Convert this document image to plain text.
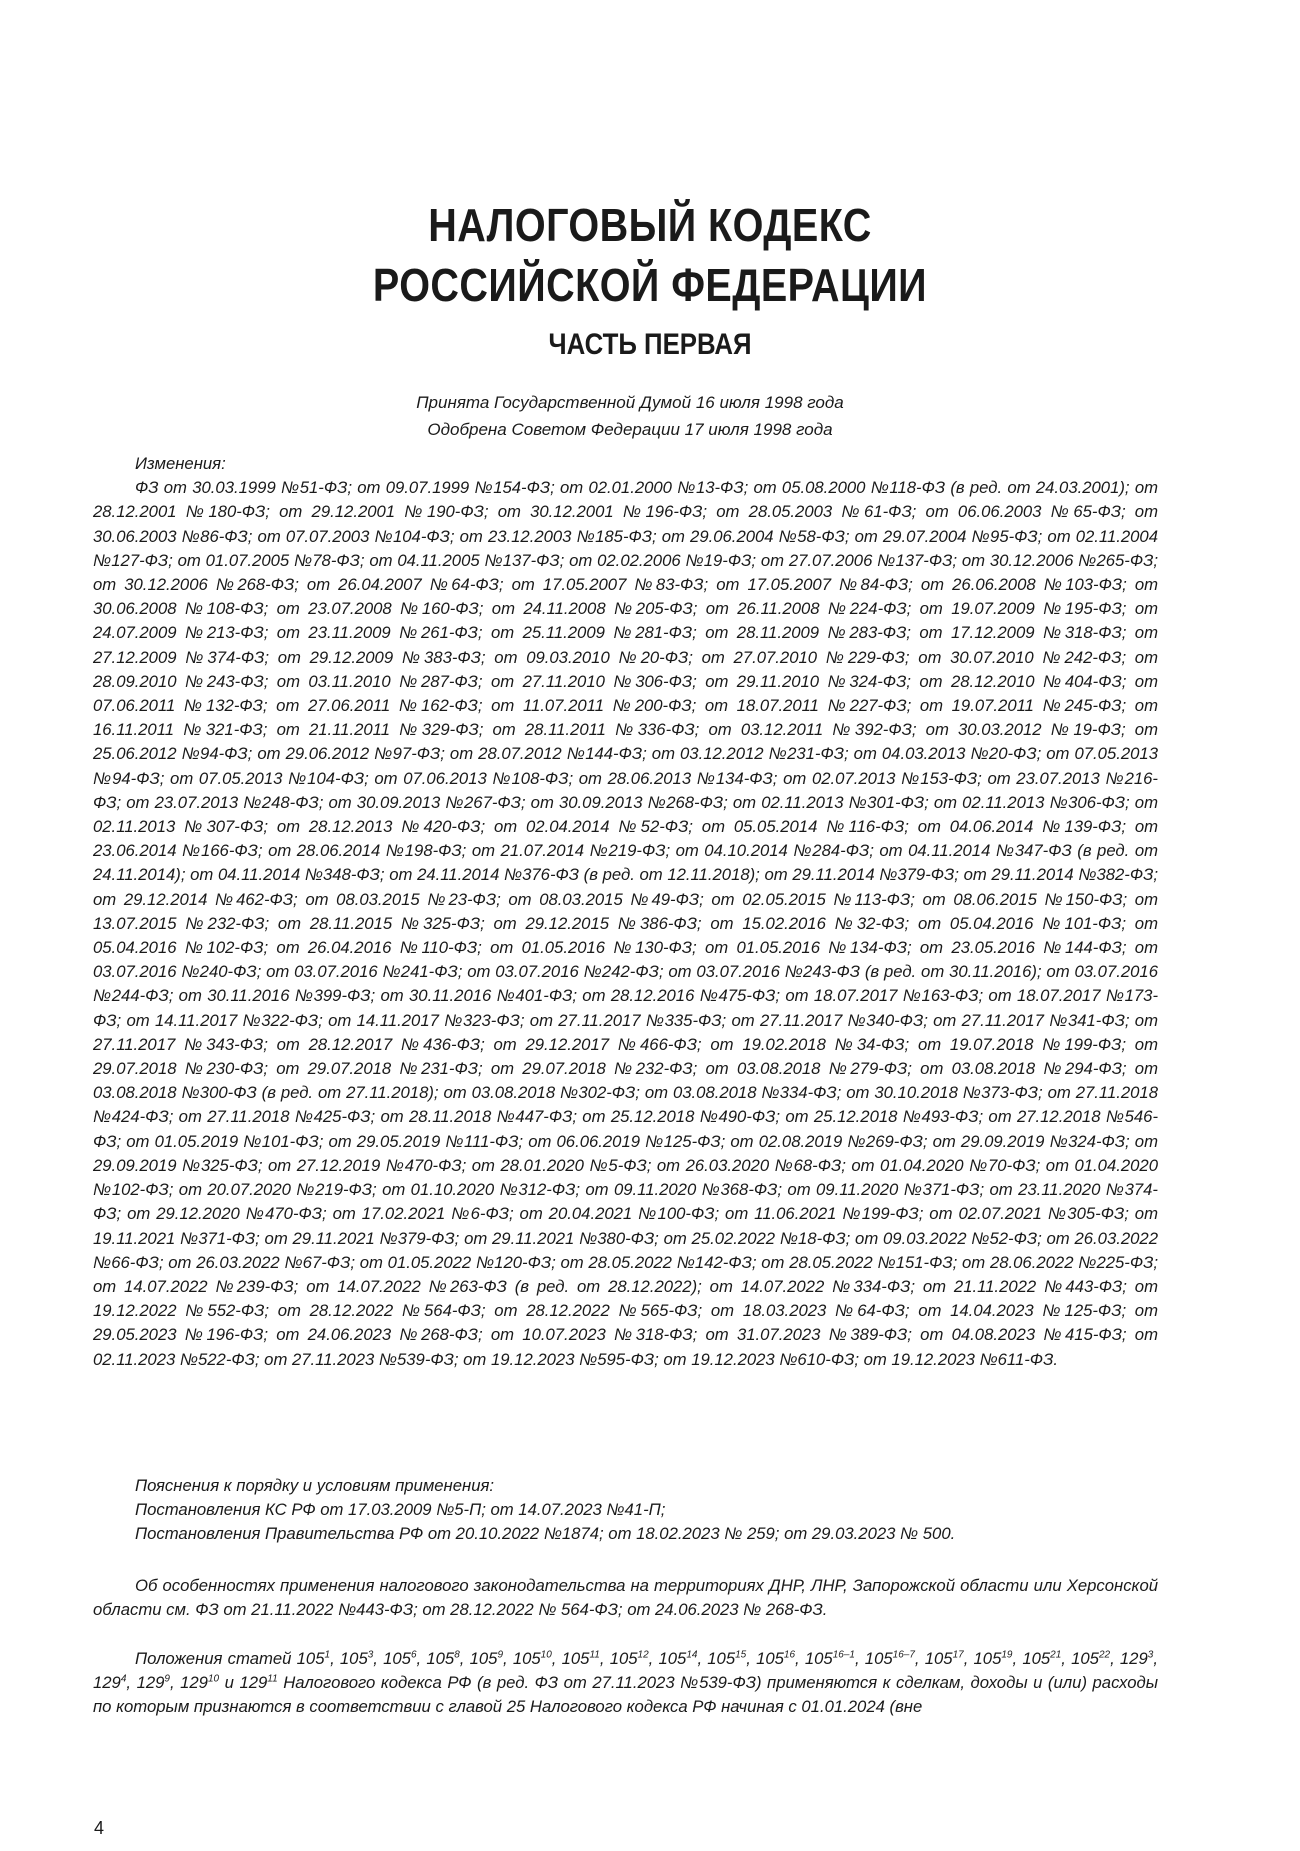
НАЛОГОВЫЙ КОДЕКС
РОССИЙСКОЙ ФЕДЕРАЦИИ
ЧАСТЬ ПЕРВАЯ
Принята Государственной Думой 16 июля 1998 года
Одобрена Советом Федерации 17 июля 1998 года
Изменения:
ФЗ от 30.03.1999 №51-ФЗ; от 09.07.1999 №154-ФЗ; от 02.01.2000 №13-ФЗ; от 05.08.2000 №118-ФЗ (в ред. от 24.03.2001); от 28.12.2001 №180-ФЗ; от 29.12.2001 №190-ФЗ; от 30.12.2001 №196-ФЗ; от 28.05.2003 №61-ФЗ; от 06.06.2003 №65-ФЗ; от 30.06.2003 №86-ФЗ; от 07.07.2003 №104-ФЗ; от 23.12.2003 №185-ФЗ; от 29.06.2004 №58-ФЗ; от 29.07.2004 №95-ФЗ; от 02.11.2004 №127-ФЗ; от 01.07.2005 №78-ФЗ; от 04.11.2005 №137-ФЗ; от 02.02.2006 №19-ФЗ; от 27.07.2006 №137-ФЗ; от 30.12.2006 №265-ФЗ; от 30.12.2006 №268-ФЗ; от 26.04.2007 №64-ФЗ; от 17.05.2007 №83-ФЗ; от 17.05.2007 №84-ФЗ; от 26.06.2008 №103-ФЗ; от 30.06.2008 №108-ФЗ; от 23.07.2008 №160-ФЗ; от 24.11.2008 №205-ФЗ; от 26.11.2008 №224-ФЗ; от 19.07.2009 №195-ФЗ; от 24.07.2009 №213-ФЗ; от 23.11.2009 №261-ФЗ; от 25.11.2009 №281-ФЗ; от 28.11.2009 №283-ФЗ; от 17.12.2009 №318-ФЗ; от 27.12.2009 №374-ФЗ; от 29.12.2009 №383-ФЗ; от 09.03.2010 №20-ФЗ; от 27.07.2010 №229-ФЗ; от 30.07.2010 №242-ФЗ; от 28.09.2010 №243-ФЗ; от 03.11.2010 №287-ФЗ; от 27.11.2010 №306-ФЗ; от 29.11.2010 №324-ФЗ; от 28.12.2010 №404-ФЗ; от 07.06.2011 №132-ФЗ; от 27.06.2011 №162-ФЗ; от 11.07.2011 №200-ФЗ; от 18.07.2011 №227-ФЗ; от 19.07.2011 №245-ФЗ; от 16.11.2011 №321-ФЗ; от 21.11.2011 №329-ФЗ; от 28.11.2011 №336-ФЗ; от 03.12.2011 №392-ФЗ; от 30.03.2012 №19-ФЗ; от 25.06.2012 №94-ФЗ; от 29.06.2012 №97-ФЗ; от 28.07.2012 №144-ФЗ; от 03.12.2012 №231-ФЗ; от 04.03.2013 №20-ФЗ; от 07.05.2013 №94-ФЗ; от 07.05.2013 №104-ФЗ; от 07.06.2013 №108-ФЗ; от 28.06.2013 №134-ФЗ; от 02.07.2013 №153-ФЗ; от 23.07.2013 №216-ФЗ; от 23.07.2013 №248-ФЗ; от 30.09.2013 №267-ФЗ; от 30.09.2013 №268-ФЗ; от 02.11.2013 №301-ФЗ; от 02.11.2013 №306-ФЗ; от 02.11.2013 №307-ФЗ; от 28.12.2013 №420-ФЗ; от 02.04.2014 №52-ФЗ; от 05.05.2014 №116-ФЗ; от 04.06.2014 №139-ФЗ; от 23.06.2014 №166-ФЗ; от 28.06.2014 №198-ФЗ; от 21.07.2014 №219-ФЗ; от 04.10.2014 №284-ФЗ; от 04.11.2014 №347-ФЗ (в ред. от 24.11.2014); от 04.11.2014 №348-ФЗ; от 24.11.2014 №376-ФЗ (в ред. от 12.11.2018); от 29.11.2014 №379-ФЗ; от 29.11.2014 №382-ФЗ; от 29.12.2014 №462-ФЗ; от 08.03.2015 №23-ФЗ; от 08.03.2015 №49-ФЗ; от 02.05.2015 №113-ФЗ; от 08.06.2015 №150-ФЗ; от 13.07.2015 №232-ФЗ; от 28.11.2015 №325-ФЗ; от 29.12.2015 №386-ФЗ; от 15.02.2016 №32-ФЗ; от 05.04.2016 №101-ФЗ; от 05.04.2016 №102-ФЗ; от 26.04.2016 №110-ФЗ; от 01.05.2016 №130-ФЗ; от 01.05.2016 №134-ФЗ; от 23.05.2016 №144-ФЗ; от 03.07.2016 №240-ФЗ; от 03.07.2016 №241-ФЗ; от 03.07.2016 №242-ФЗ; от 03.07.2016 №243-ФЗ (в ред. от 30.11.2016); от 03.07.2016 №244-ФЗ; от 30.11.2016 №399-ФЗ; от 30.11.2016 №401-ФЗ; от 28.12.2016 №475-ФЗ; от 18.07.2017 №163-ФЗ; от 18.07.2017 №173-ФЗ; от 14.11.2017 №322-ФЗ; от 14.11.2017 №323-ФЗ; от 27.11.2017 №335-ФЗ; от 27.11.2017 №340-ФЗ; от 27.11.2017 №341-ФЗ; от 27.11.2017 №343-ФЗ; от 28.12.2017 №436-ФЗ; от 29.12.2017 №466-ФЗ; от 19.02.2018 №34-ФЗ; от 19.07.2018 №199-ФЗ; от 29.07.2018 №230-ФЗ; от 29.07.2018 №231-ФЗ; от 29.07.2018 №232-ФЗ; от 03.08.2018 №279-ФЗ; от 03.08.2018 №294-ФЗ; от 03.08.2018 №300-ФЗ (в ред. от 27.11.2018); от 03.08.2018 №302-ФЗ; от 03.08.2018 №334-ФЗ; от 30.10.2018 №373-ФЗ; от 27.11.2018 №424-ФЗ; от 27.11.2018 №425-ФЗ; от 28.11.2018 №447-ФЗ; от 25.12.2018 №490-ФЗ; от 25.12.2018 №493-ФЗ; от 27.12.2018 №546-ФЗ; от 01.05.2019 №101-ФЗ; от 29.05.2019 №111-ФЗ; от 06.06.2019 №125-ФЗ; от 02.08.2019 №269-ФЗ; от 29.09.2019 №324-ФЗ; от 29.09.2019 №325-ФЗ; от 27.12.2019 №470-ФЗ; от 28.01.2020 №5-ФЗ; от 26.03.2020 №68-ФЗ; от 01.04.2020 №70-ФЗ; от 01.04.2020 №102-ФЗ; от 20.07.2020 №219-ФЗ; от 01.10.2020 №312-ФЗ; от 09.11.2020 №368-ФЗ; от 09.11.2020 №371-ФЗ; от 23.11.2020 №374-ФЗ; от 29.12.2020 №470-ФЗ; от 17.02.2021 №6-ФЗ; от 20.04.2021 №100-ФЗ; от 11.06.2021 №199-ФЗ; от 02.07.2021 №305-ФЗ; от 19.11.2021 №371-ФЗ; от 29.11.2021 №379-ФЗ; от 29.11.2021 №380-ФЗ; от 25.02.2022 №18-ФЗ; от 09.03.2022 №52-ФЗ; от 26.03.2022 №66-ФЗ; от 26.03.2022 №67-ФЗ; от 01.05.2022 №120-ФЗ; от 28.05.2022 №142-ФЗ; от 28.05.2022 №151-ФЗ; от 28.06.2022 №225-ФЗ; от 14.07.2022 №239-ФЗ; от 14.07.2022 №263-ФЗ (в ред. от 28.12.2022); от 14.07.2022 №334-ФЗ; от 21.11.2022 №443-ФЗ; от 19.12.2022 №552-ФЗ; от 28.12.2022 №564-ФЗ; от 28.12.2022 №565-ФЗ; от 18.03.2023 №64-ФЗ; от 14.04.2023 №125-ФЗ; от 29.05.2023 №196-ФЗ; от 24.06.2023 №268-ФЗ; от 10.07.2023 №318-ФЗ; от 31.07.2023 №389-ФЗ; от 04.08.2023 №415-ФЗ; от 02.11.2023 №522-ФЗ; от 27.11.2023 №539-ФЗ; от 19.12.2023 №595-ФЗ; от 19.12.2023 №610-ФЗ; от 19.12.2023 №611-ФЗ.
Пояснения к порядку и условиям применения:
Постановления КС РФ от 17.03.2009 №5-П; от 14.07.2023 №41-П;
Постановления Правительства РФ от 20.10.2022 №1874; от 18.02.2023 № 259; от 29.03.2023 № 500.
Об особенностях применения налогового законодательства на территориях ДНР, ЛНР, Запорожской области или Херсонской области см. ФЗ от 21.11.2022 №443-ФЗ; от 28.12.2022 № 564-ФЗ; от 24.06.2023 № 268-ФЗ.
Положения статей $105^1$, $105^3$, $105^6$, $105^8$, $105^9$, $105^{10}$, $105^{11}$, $105^{12}$, $105^{14}$, $105^{15}$, $105^{16}$, 105$^{16-1}$, 105$^{16-7}$, $105^{17}$, $105^{19}$, $105^{21}$, $105^{22}$, $129^3$, $129^4$, $129^9$, $129^{10}$ и $129^{11}$ Налогового кодекса РФ (в ред. ФЗ от 27.11.2023 №539-ФЗ) применяются к сделкам, доходы и (или) расходы по которым признаются в соответствии с главой 25 Налогового кодекса РФ начиная с 01.01.2024 (вне
4
